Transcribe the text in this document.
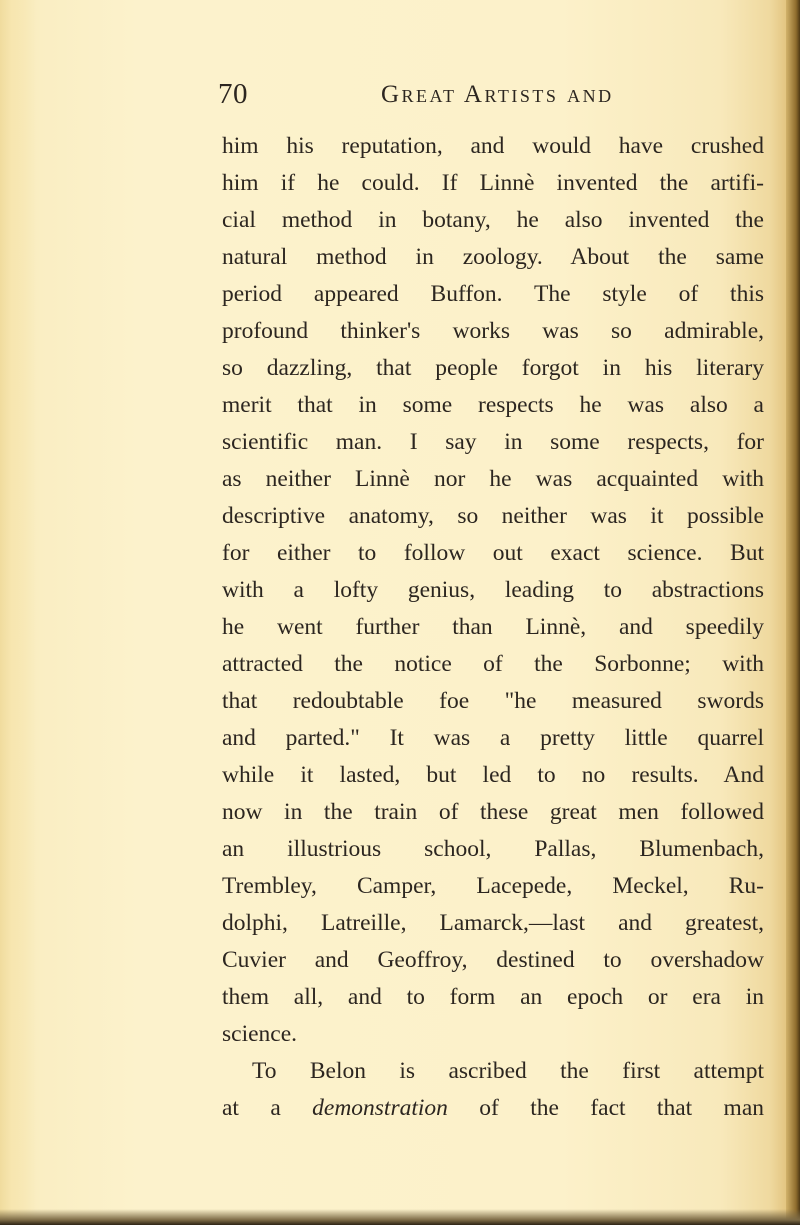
70	Great Artists and
him his reputation, and would have crushed
him if he could. If Linnè invented the artifi-
cial method in botany, he also invented the
natural method in zoology. About the same
period appeared Buffon. The style of this
profound thinker's works was so admirable,
so dazzling, that people forgot in his literary
merit that in some respects he was also a
scientific man. I say in some respects, for
as neither Linnè nor he was acquainted with
descriptive anatomy, so neither was it possible
for either to follow out exact science. But
with a lofty genius, leading to abstractions
he went further than Linnè, and speedily
attracted the notice of the Sorbonne; with
that redoubtable foe "he measured swords
and parted." It was a pretty little quarrel
while it lasted, but led to no results. And
now in the train of these great men followed
an illustrious school, Pallas, Blumenbach,
Trembley, Camper, Lacepede, Meckel, Ru-
dolphi, Latreille, Lamarck,—last and greatest,
Cuvier and Geoffroy, destined to overshadow
them all, and to form an epoch or era in
science.
To Belon is ascribed the first attempt
at a demonstration of the fact that man
